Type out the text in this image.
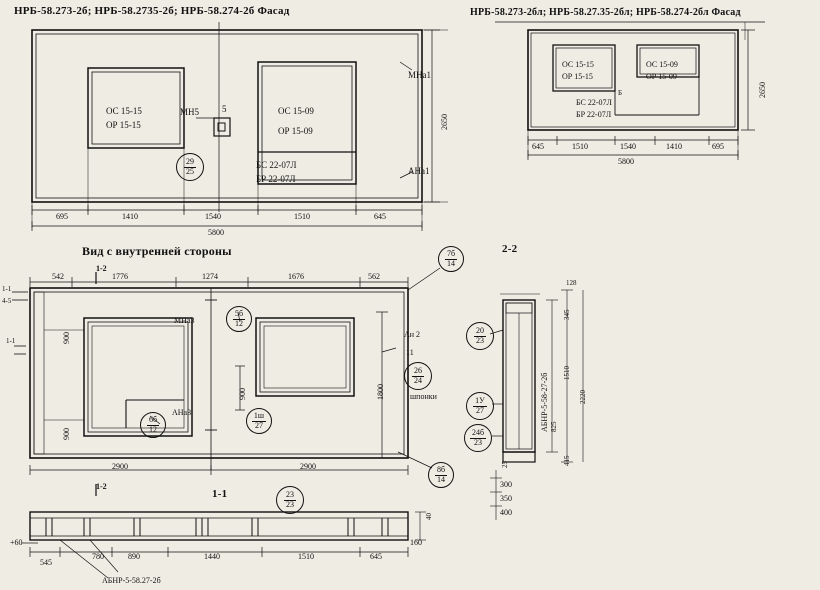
НРБ-58.273-2б; НРБ-58.2735-2б; НРБ-58.274-2б Фасад	НРБ-58.273-2бл; НРБ-58.27.35-2бл; НРБ-58.274-2бл Фасад
Вид с внутренней стороны	2-2
1-1
ОС 15-15
ОР 15-15
ОС 15-09
ОР 15-09
БС 22-07Л
БР 22-07Л
МНа1
АНа1
МН5	5
29
25
695	1410	1540	1510	645
5800
2650
ОС 15-15
ОР 15-15
ОС 15-09
ОР 15-09
БС 22-07Л
БР 22-07Л
Б
645	1510	1540	1410	695
5800
2650
542	1776	1274	1676	562
2900	2900
1800
900
900
900
МНа3
АНа3
Ан 2
11
шпонки
1-2
1-2
1-1
4-5
1-1
7б
14
5б
12
6б
12
1ш
27
26
24
8б
14
АБНР-5-58-27-2б
128
345
1510
2220
825
415
25
300
350
400
20
23
1У
27
24б
23
23
23
+60
545
780	890	1440	1510	645
160
40
АБНР-5-58.27-2б
